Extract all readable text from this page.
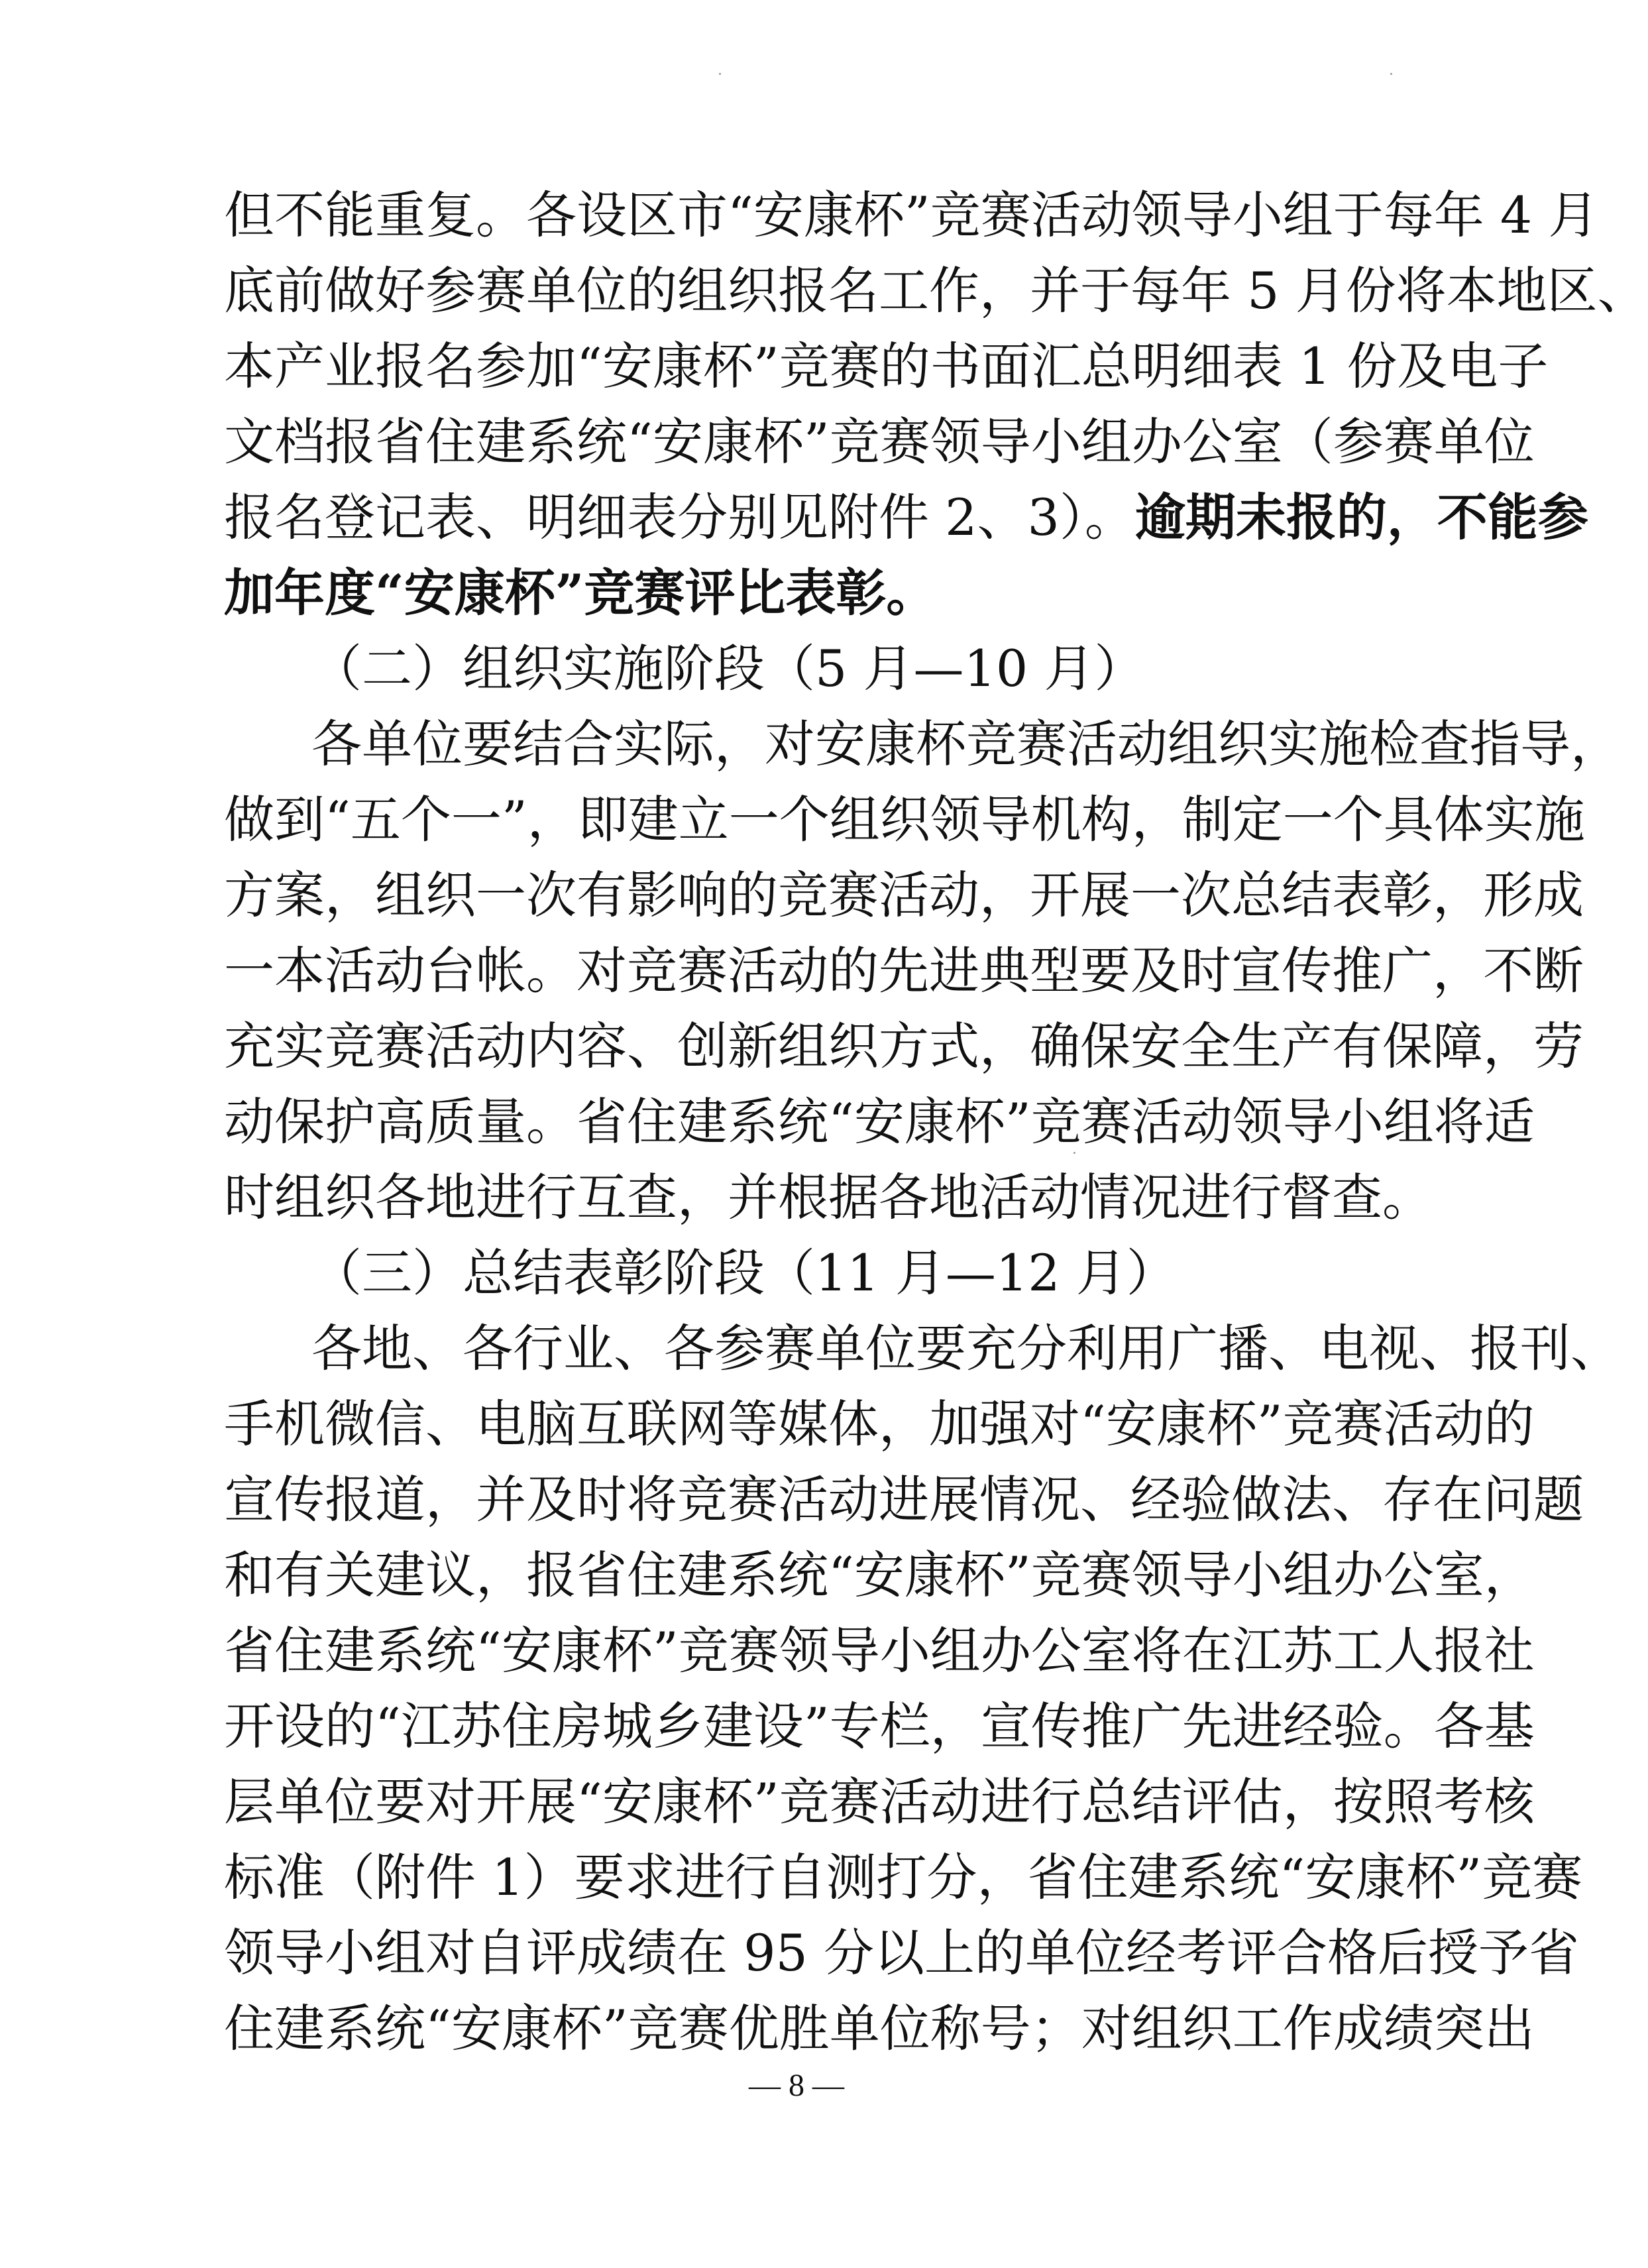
但不能重复。各设区市“安康杯”竞赛活动领导小组于每年 4 月
底前做好参赛单位的组织报名工作，并于每年 5 月份将本地区、
本产业报名参加“安康杯”竞赛的书面汇总明细表 1 份及电子
文档报省住建系统“安康杯”竞赛领导小组办公室（参赛单位
报名登记表、明细表分别见附件 2、3）。逾期未报的，不能参
加年度“安康杯”竞赛评比表彰。
（二）组织实施阶段（5 月—10 月）
各单位要结合实际，对安康杯竞赛活动组织实施检查指导，
做到“五个一”，即建立一个组织领导机构，制定一个具体实施
方案，组织一次有影响的竞赛活动，开展一次总结表彰，形成
一本活动台帐。对竞赛活动的先进典型要及时宣传推广，不断
充实竞赛活动内容、创新组织方式，确保安全生产有保障，劳
动保护高质量。省住建系统“安康杯”竞赛活动领导小组将适
时组织各地进行互查，并根据各地活动情况进行督查。
（三）总结表彰阶段（11 月—12 月）
各地、各行业、各参赛单位要充分利用广播、电视、报刊、
手机微信、电脑互联网等媒体，加强对“安康杯”竞赛活动的
宣传报道，并及时将竞赛活动进展情况、经验做法、存在问题
和有关建议，报省住建系统“安康杯”竞赛领导小组办公室，
省住建系统“安康杯”竞赛领导小组办公室将在江苏工人报社
开设的“江苏住房城乡建设”专栏，宣传推广先进经验。各基
层单位要对开展“安康杯”竞赛活动进行总结评估，按照考核
标准（附件 1）要求进行自测打分，省住建系统“安康杯”竞赛
领导小组对自评成绩在 95 分以上的单位经考评合格后授予省
住建系统“安康杯”竞赛优胜单位称号；对组织工作成绩突出
— 8 —
